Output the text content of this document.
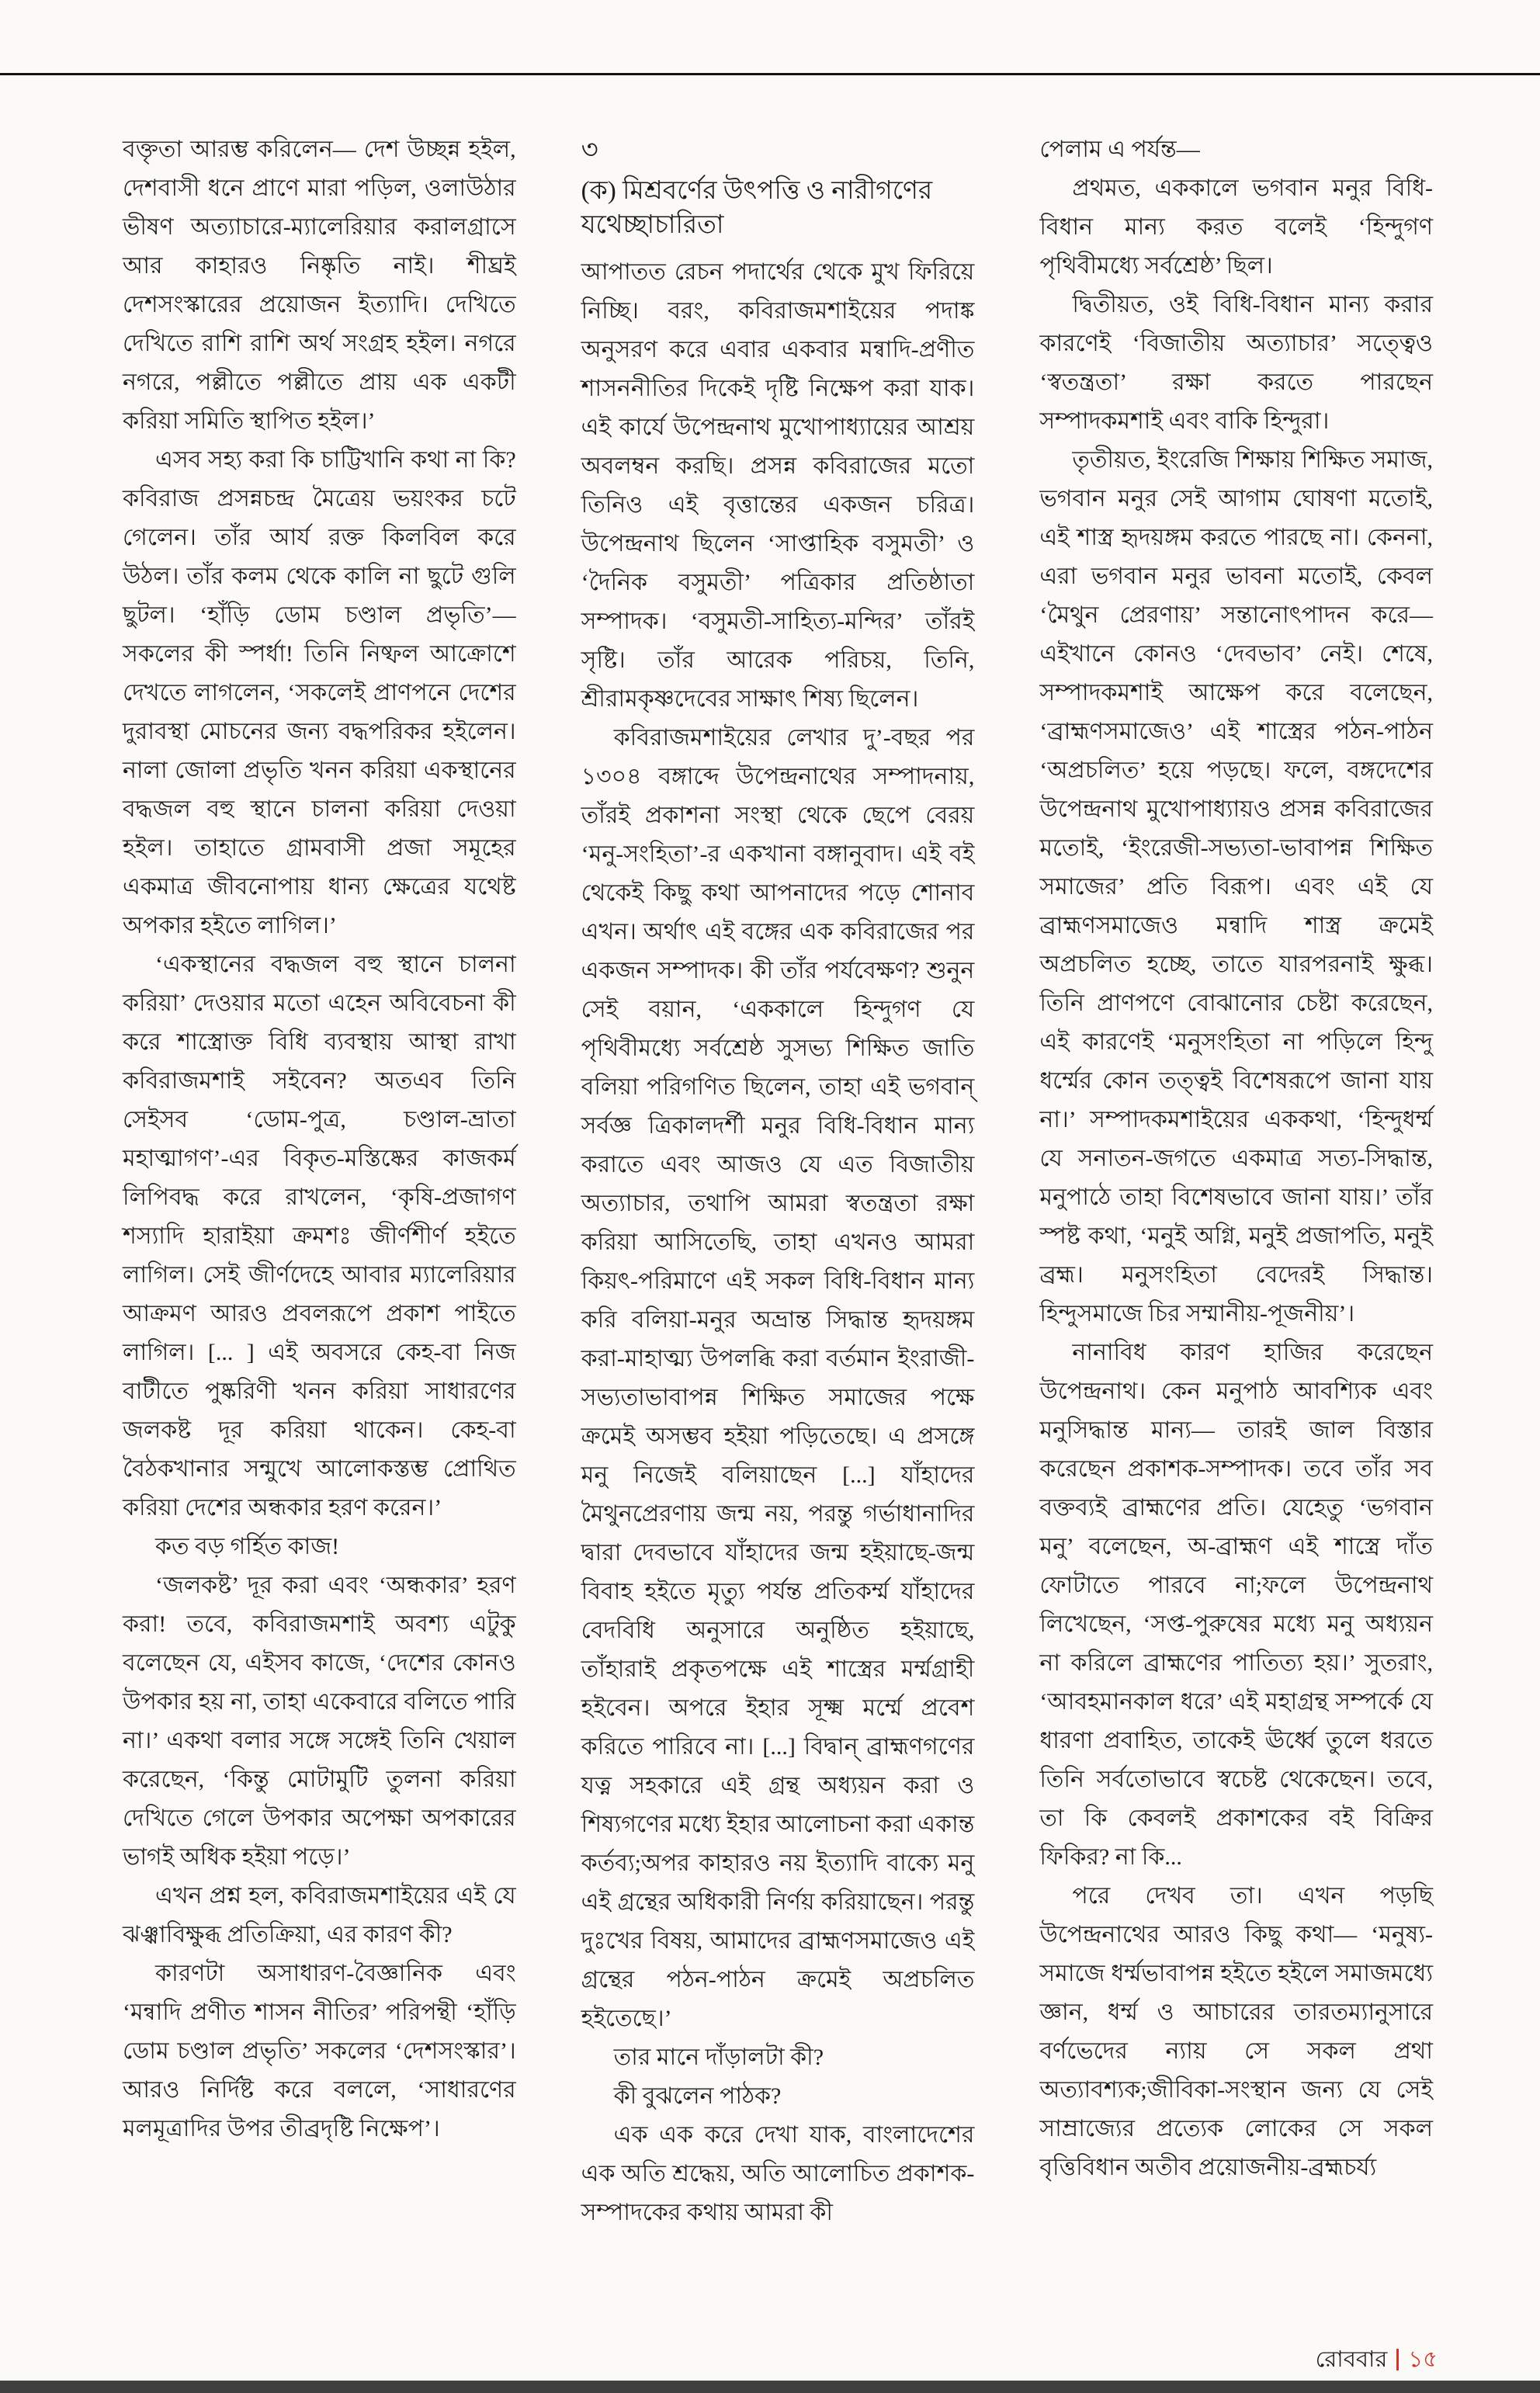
বক্তৃতা আরম্ভ করিলেন— দেশ উচ্ছন্ন হইল, দেশবাসী ধনে প্রাণে মারা পড়িল, ওলাউঠার ভীষণ অত্যাচারে-ম্যালেরিয়ার করালগ্রাসে আর কাহারও নিষ্কৃতি নাই। শীঘ্রই দেশসংস্কারের প্রয়োজন ইত্যাদি। দেখিতে দেখিতে রাশি রাশি অর্থ সংগ্রহ হইল। নগরে নগরে, পল্লীতে পল্লীতে প্রায় এক একটী করিয়া সমিতি স্থাপিত হইল।’

এসব সহ্য করা কি চাট্টিখানি কথা না কি? কবিরাজ প্রসন্নচন্দ্র মৈত্রেয় ভয়ংকর চটে গেলেন। তাঁর আর্য রক্ত কিলবিল করে উঠল। তাঁর কলম থেকে কালি না ছুটে গুলি ছুটল। ‘হাঁড়ি ডোম চণ্ডাল প্রভৃতি’— সকলের কী স্পর্ধা! তিনি নিষ্ফল আক্রোশে দেখতে লাগলেন, ‘সকলেই প্রাণপনে দেশের দুরাবস্থা মোচনের জন্য বদ্ধপরিকর হইলেন। নালা জোলা প্রভৃতি খনন করিয়া একস্থানের বদ্ধজল বহু স্থানে চালনা করিয়া দেওয়া হইল। তাহাতে গ্রামবাসী প্রজা সমূহের একমাত্র জীবনোপায় ধান্য ক্ষেত্রের যথেষ্ট অপকার হইতে লাগিল।’

‘একস্থানের বদ্ধজল বহু স্থানে চালনা করিয়া’ দেওয়ার মতো এহেন অবিবেচনা কী করে শাস্ত্রোক্ত বিধি ব্যবস্থায় আস্থা রাখা কবিরাজমশাই সইবেন? অতএব তিনি সেইসব ‘ডোম-পুত্র, চণ্ডাল-ভ্রাতা মহাত্মাগণ’-এর বিকৃত-মস্তিষ্কের কাজকর্ম লিপিবদ্ধ করে রাখলেন, ‘কৃষি-প্রজাগণ শস্যাদি হারাইয়া ক্রমশঃ জীর্ণশীর্ণ হইতে লাগিল। সেই জীর্ণদেহে আবার ম্যালেরিয়ার আক্রমণ আরও প্রবলরূপে প্রকাশ পাইতে লাগিল। [... ] এই অবসরে কেহ-বা নিজ বাটীতে পুষ্করিণী খনন করিয়া সাধারণের জলকষ্ট দূর করিয়া থাকেন। কেহ-বা বৈঠকখানার সন্মুখে আলোকস্তম্ভ প্রোথিত করিয়া দেশের অন্ধকার হরণ করেন।’

কত বড় গর্হিত কাজ!

‘জলকষ্ট’ দূর করা এবং ‘অন্ধকার’ হরণ করা! তবে, কবিরাজমশাই অবশ্য এটুকু বলেছেন যে, এইসব কাজে, ‘দেশের কোনও উপকার হয় না, তাহা একেবারে বলিতে পারি না।’ একথা বলার সঙ্গে সঙ্গেই তিনি খেয়াল করেছেন, ‘কিন্তু মোটামুটি তুলনা করিয়া দেখিতে গেলে উপকার অপেক্ষা অপকারের ভাগই অধিক হইয়া পড়ে।’

এখন প্রশ্ন হল, কবিরাজমশাইয়ের এই যে ঝঞ্ঝাবিক্ষুব্ধ প্রতিক্রিয়া, এর কারণ কী?

কারণটা অসাধারণ-বৈজ্ঞানিক এবং ‘মন্বাদি প্রণীত শাসন নীতির’ পরিপন্থী ‘হাঁড়ি ডোম চণ্ডাল প্রভৃতি’ সকলের ‘দেশসংস্কার’। আরও নির্দিষ্ট করে বললে, ‘সাধারণের মলমূত্রাদির উপর তীব্রদৃষ্টি নিক্ষেপ’।

৩
(ক) মিশ্রবর্ণের উৎপত্তি ও নারীগণের যথেচ্ছাচারিতা

আপাতত রেচন পদার্থের থেকে মুখ ফিরিয়ে নিচ্ছি। বরং, কবিরাজমশাইয়ের পদাঙ্ক অনুসরণ করে এবার একবার মন্বাদি-প্রণীত শাসননীতির দিকেই দৃষ্টি নিক্ষেপ করা যাক। এই কার্যে উপেন্দ্রনাথ মুখোপাধ্যায়ের আশ্রয় অবলম্বন করছি। প্রসন্ন কবিরাজের মতো তিনিও এই বৃত্তান্তের একজন চরিত্র। উপেন্দ্রনাথ ছিলেন ‘সাপ্তাহিক বসুমতী’ ও ‘দৈনিক বসুমতী’ পত্রিকার প্রতিষ্ঠাতা সম্পাদক। ‘বসুমতী-সাহিত্য-মন্দির’ তাঁরই সৃষ্টি। তাঁর আরেক পরিচয়, তিনি, শ্রীরামকৃষ্ণদেবের সাক্ষাৎ শিষ্য ছিলেন।

কবিরাজমশাইয়ের লেখার দু’-বছর পর ১৩০৪ বঙ্গাব্দে উপেন্দ্রনাথের সম্পাদনায়, তাঁরই প্রকাশনা সংস্থা থেকে ছেপে বেরয় ‘মনু-সংহিতা’-র একখানা বঙ্গানুবাদ। এই বই থেকেই কিছু কথা আপনাদের পড়ে শোনাব এখন। অর্থাৎ এই বঙ্গের এক কবিরাজের পর একজন সম্পাদক। কী তাঁর পর্যবেক্ষণ? শুনুন সেই বয়ান, ‘এককালে হিন্দুগণ যে পৃথিবীমধ্যে সর্বশ্রেষ্ঠ সুসভ্য শিক্ষিত জাতি বলিয়া পরিগণিত ছিলেন, তাহা এই ভগবান্ সর্বজ্ঞ ত্রিকালদর্শী মনুর বিধি-বিধান মান্য করাতে এবং আজও যে এত বিজাতীয় অত্যাচার, তথাপি আমরা স্বতন্ত্রতা রক্ষা করিয়া আসিতেছি, তাহা এখনও আমরা কিয়ৎ-পরিমাণে এই সকল বিধি-বিধান মান্য করি বলিয়া-মনুর অভ্রান্ত সিদ্ধান্ত হৃদয়ঙ্গম করা-মাহাত্ম্য উপলব্ধি করা বর্তমান ইংরাজী-সভ্যতাভাবাপন্ন শিক্ষিত সমাজের পক্ষে ক্রমেই অসম্ভব হইয়া পড়িতেছে। এ প্রসঙ্গে মনু নিজেই বলিয়াছেন [...] যাঁহাদের মৈথুনপ্রেরণায় জন্ম নয়, পরন্তু গর্ভাধানাদির দ্বারা দেবভাবে যাঁহাদের জন্ম হইয়াছে-জন্ম বিবাহ হইতে মৃত্যু পর্যন্ত প্রতিকর্ম্ম যাঁহাদের বেদবিধি অনুসারে অনুষ্ঠিত হইয়াছে, তাঁহারাই প্রকৃতপক্ষে এই শাস্ত্রের মর্ম্মগ্রাহী হইবেন। অপরে ইহার সূক্ষ্ম মর্ম্মে প্রবেশ করিতে পারিবে না। [...] বিদ্বান্ ব্রাহ্মণগণের যত্ন সহকারে এই গ্রন্থ অধ্যয়ন করা ও শিষ্যগণের মধ্যে ইহার আলোচনা করা একান্ত কর্তব্য;অপর কাহারও নয় ইত্যাদি বাক্যে মনু এই গ্রন্থের অধিকারী নির্ণয় করিয়াছেন। পরন্তু দুঃখের বিষয়, আমাদের ব্রাহ্মণসমাজেও এই গ্রন্থের পঠন-পাঠন ক্রমেই অপ্রচলিত হইতেছে।’

তার মানে দাঁড়ালটা কী?

কী বুঝলেন পাঠক?

এক এক করে দেখা যাক, বাংলাদেশের এক অতি শ্রদ্ধেয়, অতি আলোচিত প্রকাশক-সম্পাদকের কথায় আমরা কী

পেলাম এ পর্যন্ত—

প্রথমত, এককালে ভগবান মনুর বিধি-বিধান মান্য করত বলেই ‘হিন্দুগণ পৃথিবীমধ্যে সর্বশ্রেষ্ঠ’ ছিল।

দ্বিতীয়ত, ওই বিধি-বিধান মান্য করার কারণেই ‘বিজাতীয় অত্যাচার’ সত্ত্বেও ‘স্বতন্ত্রতা’ রক্ষা করতে পারছেন সম্পাদকমশাই এবং বাকি হিন্দুরা।

তৃতীয়ত, ইংরেজি শিক্ষায় শিক্ষিত সমাজ, ভগবান মনুর সেই আগাম ঘোষণা মতোই, এই শাস্ত্র হৃদয়ঙ্গম করতে পারছে না। কেননা, এরা ভগবান মনুর ভাবনা মতোই, কেবল ‘মৈথুন প্রেরণায়’ সন্তানোৎপাদন করে— এইখানে কোনও ‘দেবভাব’ নেই। শেষে, সম্পাদকমশাই আক্ষেপ করে বলেছেন, ‘ব্রাহ্মণসমাজেও’ এই শাস্ত্রের পঠন-পাঠন ‘অপ্রচলিত’ হয়ে পড়ছে। ফলে, বঙ্গদেশের উপেন্দ্রনাথ মুখোপাধ্যায়ও প্রসন্ন কবিরাজের মতোই, ‘ইংরেজী-সভ্যতা-ভাবাপন্ন শিক্ষিত সমাজের’ প্রতি বিরূপ। এবং এই যে ব্রাহ্মণসমাজেও মন্বাদি শাস্ত্র ক্রমেই অপ্রচলিত হচ্ছে, তাতে যারপরনাই ক্ষুব্ধ। তিনি প্রাণপণে বোঝানোর চেষ্টা করেছেন, এই কারণেই ‘মনুসংহিতা না পড়িলে হিন্দু ধর্ম্মের কোন তত্ত্বই বিশেষরূপে জানা যায় না।’ সম্পাদকমশাইয়ের এককথা, ‘হিন্দুধর্ম্ম যে সনাতন-জগতে একমাত্র সত্য-সিদ্ধান্ত, মনুপাঠে তাহা বিশেষভাবে জানা যায়।’ তাঁর স্পষ্ট কথা, ‘মনুই অগ্নি, মনুই প্রজাপতি, মনুই ব্রহ্ম। মনুসংহিতা বেদেরই সিদ্ধান্ত। হিন্দুসমাজে চির সম্মানীয়-পূজনীয়’।

নানাবিধ কারণ হাজির করেছেন উপেন্দ্রনাথ। কেন মনুপাঠ আবশ্যিক এবং মনুসিদ্ধান্ত মান্য— তারই জাল বিস্তার করেছেন প্রকাশক-সম্পাদক। তবে তাঁর সব বক্তব্যই ব্রাহ্মণের প্রতি। যেহেতু ‘ভগবান মনু’ বলেছেন, অ-ব্রাহ্মণ এই শাস্ত্রে দাঁত ফোটাতে পারবে না;ফলে উপেন্দ্রনাথ লিখেছেন, ‘সপ্ত-পুরুষের মধ্যে মনু অধ্যয়ন না করিলে ব্রাহ্মণের পাতিত্য হয়।’ সুতরাং, ‘আবহমানকাল ধরে’ এই মহাগ্রন্থ সম্পর্কে যে ধারণা প্রবাহিত, তাকেই ঊর্ধ্বে তুলে ধরতে তিনি সর্বতোভাবে স্বচেষ্ট থেকেছেন। তবে, তা কি কেবলই প্রকাশকের বই বিক্রির ফিকির? না কি...

পরে দেখব তা। এখন পড়ছি উপেন্দ্রনাথের আরও কিছু কথা— ‘মনুষ্য-সমাজে ধর্ম্মভাবাপন্ন হইতে হইলে সমাজমধ্যে জ্ঞান, ধর্ম্ম ও আচারের তারতম্যানুসারে বর্ণভেদের ন্যায় সে সকল প্রথা অত্যাবশ্যক;জীবিকা-সংস্থান জন্য যে সেই সাম্রাজ্যের প্রত্যেক লোকের সে সকল বৃত্তিবিধান অতীব প্রয়োজনীয়-ব্রহ্মচর্য্য

রোববার ১৫
